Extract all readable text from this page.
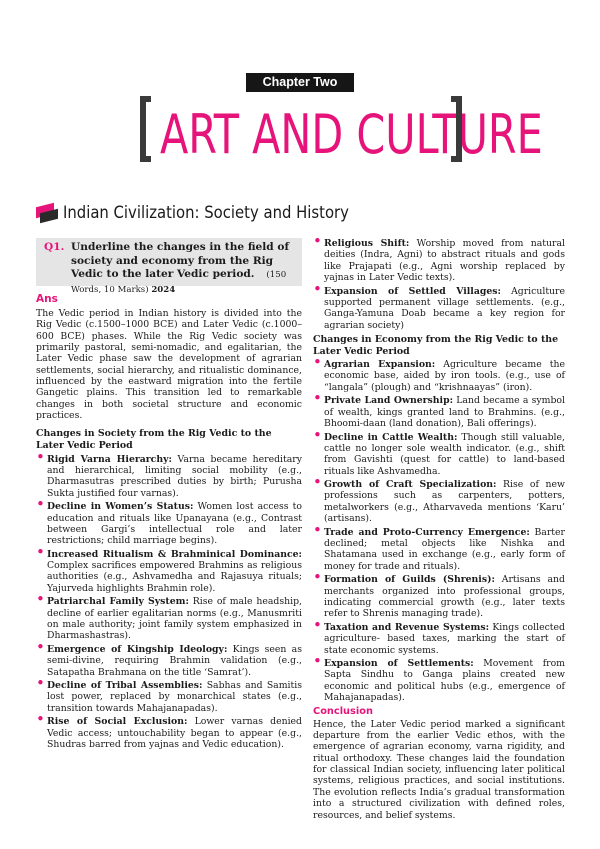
Chapter Two
ART AND CULTURE
Indian Civilization: Society and History
Q1. Underline the changes in the field of society and economy from the Rig Vedic to the later Vedic period. (150 Words, 10 Marks) 2024
Ans

The Vedic period in Indian history is divided into the Rig Vedic (c.1500–1000 BCE) and Later Vedic (c.1000–600 BCE) phases. While the Rig Vedic society was primarily pastoral, semi-nomadic, and egalitarian, the Later Vedic phase saw the development of agrarian settlements, social hierarchy, and ritualistic dominance, influenced by the eastward migration into the fertile Gangetic plains. This transition led to remarkable changes in both societal structure and economic practices.

Changes in Society from the Rig Vedic to the Later Vedic Period
• Rigid Varna Hierarchy: Varna became hereditary and hierarchical, limiting social mobility (e.g., Dharmasutras prescribed duties by birth; Purusha Sukta justified four varnas).
• Decline in Women’s Status: Women lost access to education and rituals like Upanayana (e.g., Contrast between Gargi’s intellectual role and later restrictions; child marriage begins).
• Increased Ritualism & Brahminical Dominance: Complex sacrifices empowered Brahmins as religious authorities (e.g., Ashvamedha and Rajasuya rituals; Yajurveda highlights Brahmin role).
• Patriarchal Family System: Rise of male headship, decline of earlier egalitarian norms (e.g., Manusmriti on male authority; joint family system emphasized in Dharmashastras).
• Emergence of Kingship Ideology: Kings seen as semi-divine, requiring Brahmin validation (e.g., Satapatha Brahmana on the title ‘Samrat’).
• Decline of Tribal Assemblies: Sabhas and Samitis lost power, replaced by monarchical states (e.g., transition towards Mahajanapadas).
• Rise of Social Exclusion: Lower varnas denied Vedic access; untouchability began to appear (e.g., Shudras barred from yajnas and Vedic education).
• Religious Shift: Worship moved from natural deities (Indra, Agni) to abstract rituals and gods like Prajapati (e.g., Agni worship replaced by yajnas in Later Vedic texts).
• Expansion of Settled Villages: Agriculture supported permanent village settlements. (e.g., Ganga-Yamuna Doab became a key region for agrarian society)
Changes in Economy from the Rig Vedic to the Later Vedic Period
• Agrarian Expansion: Agriculture became the economic base, aided by iron tools. (e.g., use of “langala” (plough) and “krishnaayas” (iron).
• Private Land Ownership: Land became a symbol of wealth, kings granted land to Brahmins. (e.g., Bhoomi-daan (land donation), Bali offerings).
• Decline in Cattle Wealth: Though still valuable, cattle no longer sole wealth indicator. (e.g., shift from Gavishti (quest for cattle) to land-based rituals like Ashvamedha.
• Growth of Craft Specialization: Rise of new professions such as carpenters, potters, metalworkers (e.g., Atharvaveda mentions ‘Karu’ (artisans).
• Trade and Proto-Currency Emergence: Barter declined; metal objects like Nishka and Shatamana used in exchange (e.g., early form of money for trade and rituals).
• Formation of Guilds (Shrenis): Artisans and merchants organized into professional groups, indicating commercial growth (e.g., later texts refer to Shrenis managing trade).
• Taxation and Revenue Systems: Kings collected agriculture- based taxes, marking the start of state economic systems.
• Expansion of Settlements: Movement from Sapta Sindhu to Ganga plains created new economic and political hubs (e.g., emergence of Mahajanapadas).
Conclusion

Hence, the Later Vedic period marked a significant departure from the earlier Vedic ethos, with the emergence of agrarian economy, varna rigidity, and ritual orthodoxy. These changes laid the foundation for classical Indian society, influencing later political systems, religious practices, and social institutions. The evolution reflects India’s gradual transformation into a structured civilization with defined roles, resources, and belief systems.
